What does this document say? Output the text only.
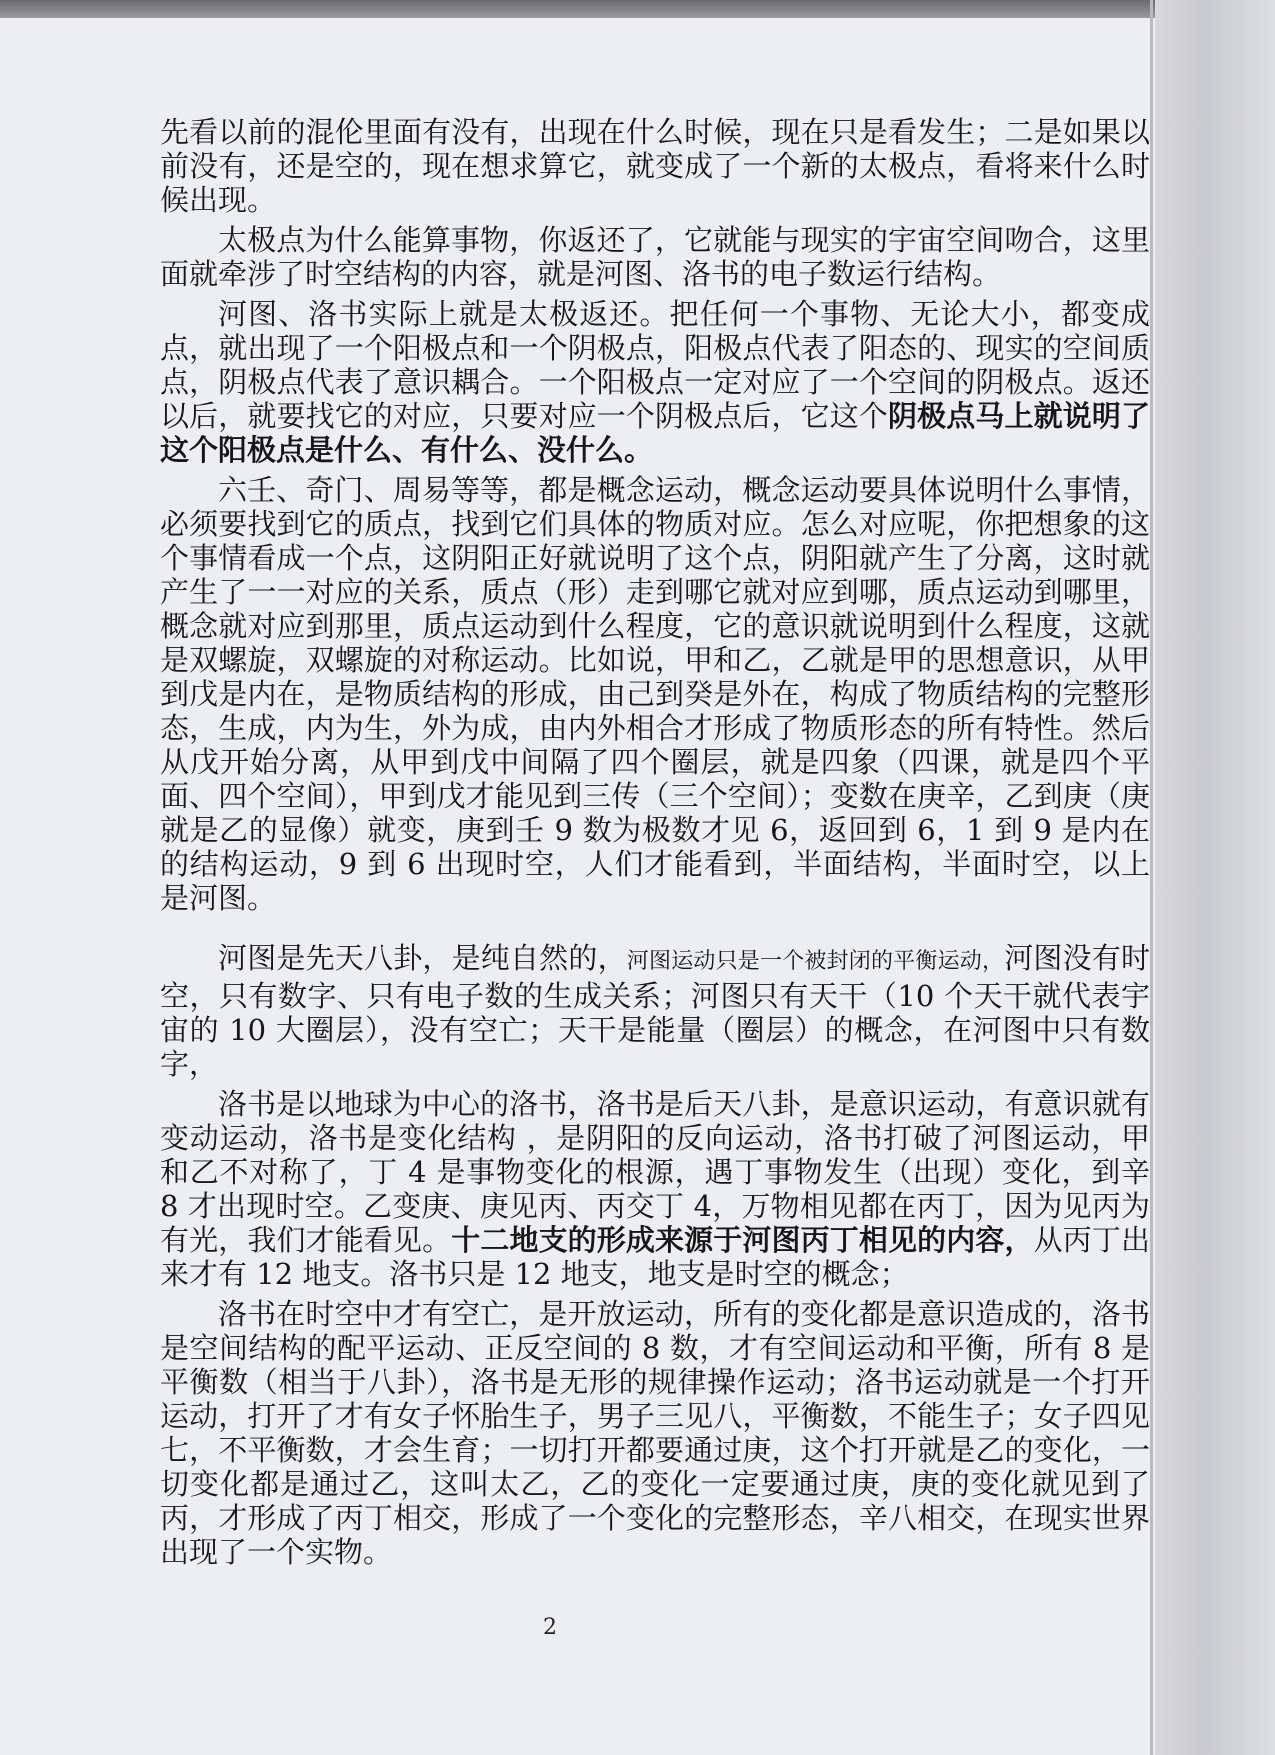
先看以前的混伦里面有没有，出现在什么时候，现在只是看发生；二是如果以前没有，还是空的，现在想求算它，就变成了一个新的太极点，看将来什么时候出现。

太极点为什么能算事物，你返还了，它就能与现实的宇宙空间吻合，这里面就牵涉了时空结构的内容，就是河图、洛书的电子数运行结构。

河图、洛书实际上就是太极返还。把任何一个事物、无论大小，都变成点，就出现了一个阳极点和一个阴极点，阳极点代表了阳态的、现实的空间质点，阴极点代表了意识耦合。一个阳极点一定对应了一个空间的阴极点。返还以后，就要找它的对应，只要对应一个阴极点后，它这个阴极点马上就说明了这个阳极点是什么、有什么、没什么。

六壬、奇门、周易等等，都是概念运动，概念运动要具体说明什么事情，必须要找到它的质点，找到它们具体的物质对应。怎么对应呢，你把想象的这个事情看成一个点，这阴阳正好就说明了这个点，阴阳就产生了分离，这时就产生了一一对应的关系，质点（形）走到哪它就对应到哪，质点运动到哪里，概念就对应到那里，质点运动到什么程度，它的意识就说明到什么程度，这就是双螺旋，双螺旋的对称运动。比如说，甲和乙，乙就是甲的思想意识，从甲到戊是内在，是物质结构的形成，由己到癸是外在，构成了物质结构的完整形态，生成，内为生，外为成，由内外相合才形成了物质形态的所有特性。然后从戊开始分离，从甲到戊中间隔了四个圈层，就是四象（四课，就是四个平面、四个空间），甲到戊才能见到三传（三个空间）；变数在庚辛，乙到庚（庚就是乙的显像）就变，庚到壬 9 数为极数才见 6，返回到 6，1 到 9 是内在的结构运动，9 到 6 出现时空，人们才能看到，半面结构，半面时空，以上是河图。

河图是先天八卦，是纯自然的，河图运动只是一个被封闭的平衡运动，河图没有时空，只有数字、只有电子数的生成关系；河图只有天干（10 个天干就代表宇宙的 10 大圈层），没有空亡；天干是能量（圈层）的概念，在河图中只有数字，

洛书是以地球为中心的洛书，洛书是后天八卦，是意识运动，有意识就有变动运动，洛书是变化结构 ，是阴阳的反向运动，洛书打破了河图运动，甲和乙不对称了，丁 4 是事物变化的根源，遇丁事物发生（出现）变化，到辛 8 才出现时空。乙变庚、庚见丙、丙交丁 4，万物相见都在丙丁，因为见丙为有光，我们才能看见。十二地支的形成来源于河图丙丁相见的内容，从丙丁出来才有 12 地支。洛书只是 12 地支，地支是时空的概念；

洛书在时空中才有空亡，是开放运动，所有的变化都是意识造成的，洛书是空间结构的配平运动、正反空间的 8 数，才有空间运动和平衡，所有 8 是平衡数（相当于八卦），洛书是无形的规律操作运动；洛书运动就是一个打开运动，打开了才有女子怀胎生子，男子三见八，平衡数，不能生子；女子四见七，不平衡数，才会生育；一切打开都要通过庚，这个打开就是乙的变化，一切变化都是通过乙，这叫太乙，乙的变化一定要通过庚，庚的变化就见到了丙，才形成了丙丁相交，形成了一个变化的完整形态，辛八相交，在现实世界出现了一个实物。

2
